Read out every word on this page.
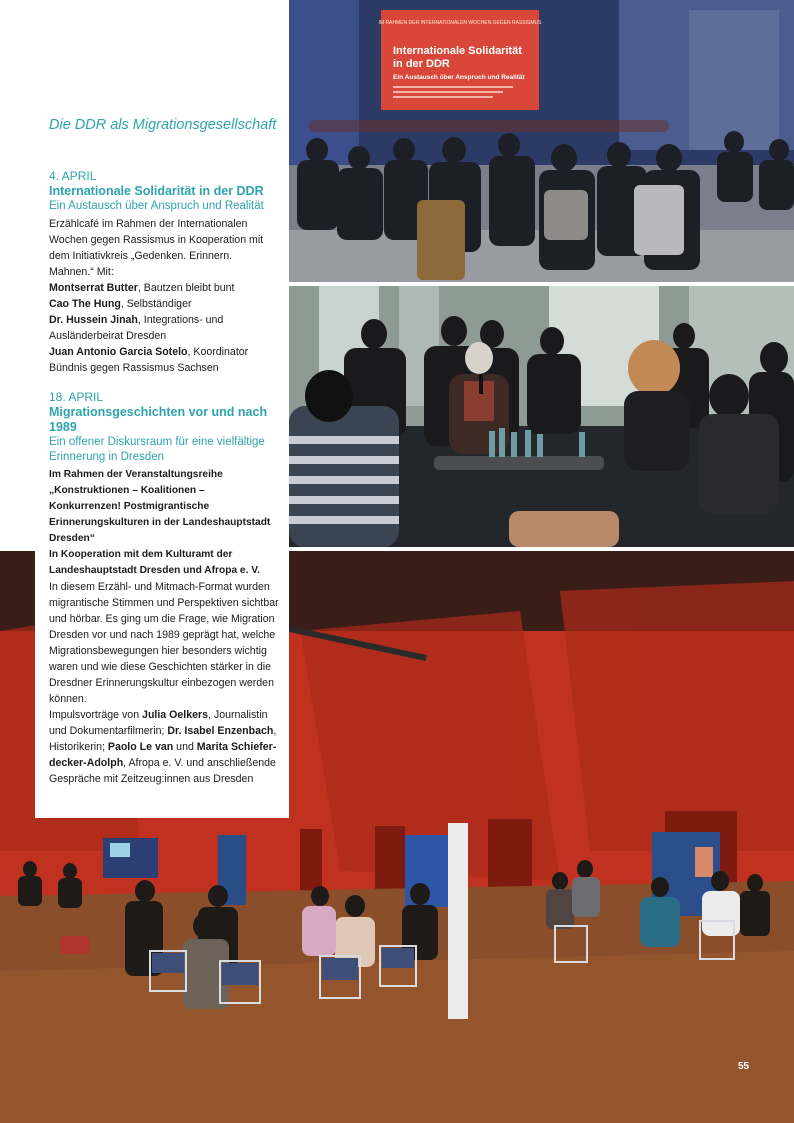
IM RAHMEN DER INTERNATIONALEN WOCHEN GEGEN RASSISMUS
Internationale Solidarität
in der DDR
Ein Austausch über Anspruch und Realität

Die DDR als Migrationsgesellschaft

4. APRIL

Internationale Solidarität in der DDR

Ein Austausch über Anspruch und Realität

Erzählcafé im Rahmen der Internationalen Wochen gegen Rassismus in Kooperation mit dem Initiativkreis „Gedenken. Erinnern. Mahnen.“ Mit:

Montserrat Butter, Bautzen bleibt bunt

Cao The Hung, Selbständiger

Dr. Hussein Jinah, Integrations- und Ausländerbeirat Dresden

Juan Antonio Garcia Sotelo, Koordinator Bündnis gegen Rassismus Sachsen

18. APRIL

Migrationsgeschichten vor und nach 1989

Ein offener Diskursraum für eine vielfältige Erinnerung in Dresden

Im Rahmen der Veranstaltungsreihe „Konstruktionen – Koalitionen – Konkurrenzen! Postmigrantische Erinnerungskulturen in der Landeshauptstadt Dresden“

In Kooperation mit dem Kulturamt der Landeshauptstadt Dresden und Afropa e. V.

In diesem Erzähl- und Mitmach-Format wurden migrantische Stimmen und Perspektiven sichtbar und hörbar. Es ging um die Frage, wie Migration Dresden vor und nach 1989 geprägt hat, welche Migrationsbewegungen hier besonders wichtig waren und wie diese Geschichten stärker in die Dresdner Erinnerungskultur einbezogen werden können.

Impulsvorträge von Julia Oelkers, Journalistin und Dokumentarfilmerin; Dr. Isabel Enzenbach, Historikerin; Paolo Le van und Marita Schieferdecker-Adolph, Afropa e. V. und anschließende Gespräche mit Zeitzeug:innen aus Dresden

55
